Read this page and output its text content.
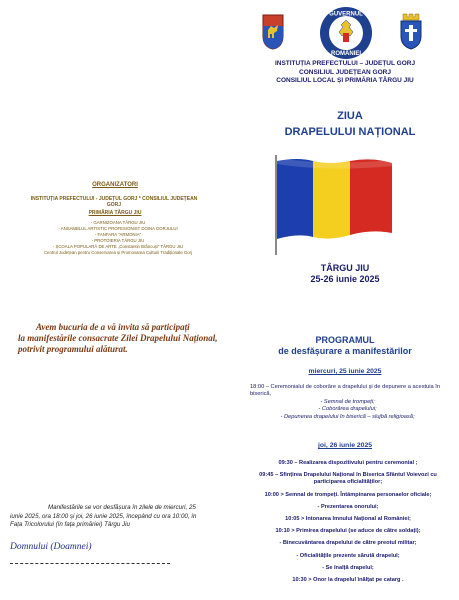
ORGANIZATORI
INSTITUȚIA PREFECTULUI - JUDEȚUL GORJ * CONSILIUL JUDEȚEAN GORJ
PRIMĂRIA TÂRGU JIU
- GARNIZOANA TÂRGU JIU
- ANSAMBLUL ARTISTIC PROFESIONIST DOINA GORJULUI
- FANFARA "ARMONIA"
- PROTOIERIA TÂRGU JIU
- ȘCOALA POPULARĂ DE ARTE „Constantin Brâncuși" TÂRGU JIU
Centrul Județean pentru Conservarea și Promovarea Culturii Tradiționale Gorj
Avem bucuria de a vă invita să participați
la manifestările consacrate Zilei Drapelului Național,
potrivit programului alăturat.
Manifestările se vor desfășura în zilele de miercuri, 25
iunie 2025, ora 18:00 și joi, 26 iunie 2025, începând cu ora 10:00, în
Fața Tricolorului (în fața primăriei) Târgu Jiu
Domnului (Doamnei)
GUVERNUL
ROMÂNIEI
INSTITUȚIA PREFECTULUI – JUDEȚUL GORJ
CONSILIUL JUDEȚEAN GORJ
CONSILIUL LOCAL ȘI PRIMĂRIA TÂRGU JIU
ZIUA
DRAPELULUI NAȚIONAL
TÂRGU JIU
25-26 iunie 2025
PROGRAMUL
de desfășurare a manifestărilor
miercuri, 25 iunie 2025
18:00 – Ceremonialul de coborâre a drapelului și de depunere a acestuia în biserică,
- Semnal de trompeți;
- Coborârea drapelului;
- Depunerea drapelului în biserică – slujbă religioasă;
joi, 26 iunie 2025

09:30 – Realizarea dispozitivului pentru ceremonial ;

09:45 – Sfințirea Drapelului Național în Biserica Sfântul Voievozi cu participarea oficialităților;

10:00 > Semnal de trompeți. Întâmpinarea personaelor oficiale;

- Prezentarea onorului;

10:05 > Intonarea Imnului Național al României;

10:10 > Primirea drapelului (se aduce de către soldați);

- Binecuvântarea drapelului de către preotul militar;

- Oficialitățile prezente sărută drapelul;

- Se înalță drapelul;

10:30 > Onor la drapelul înălțat pe catarg .
